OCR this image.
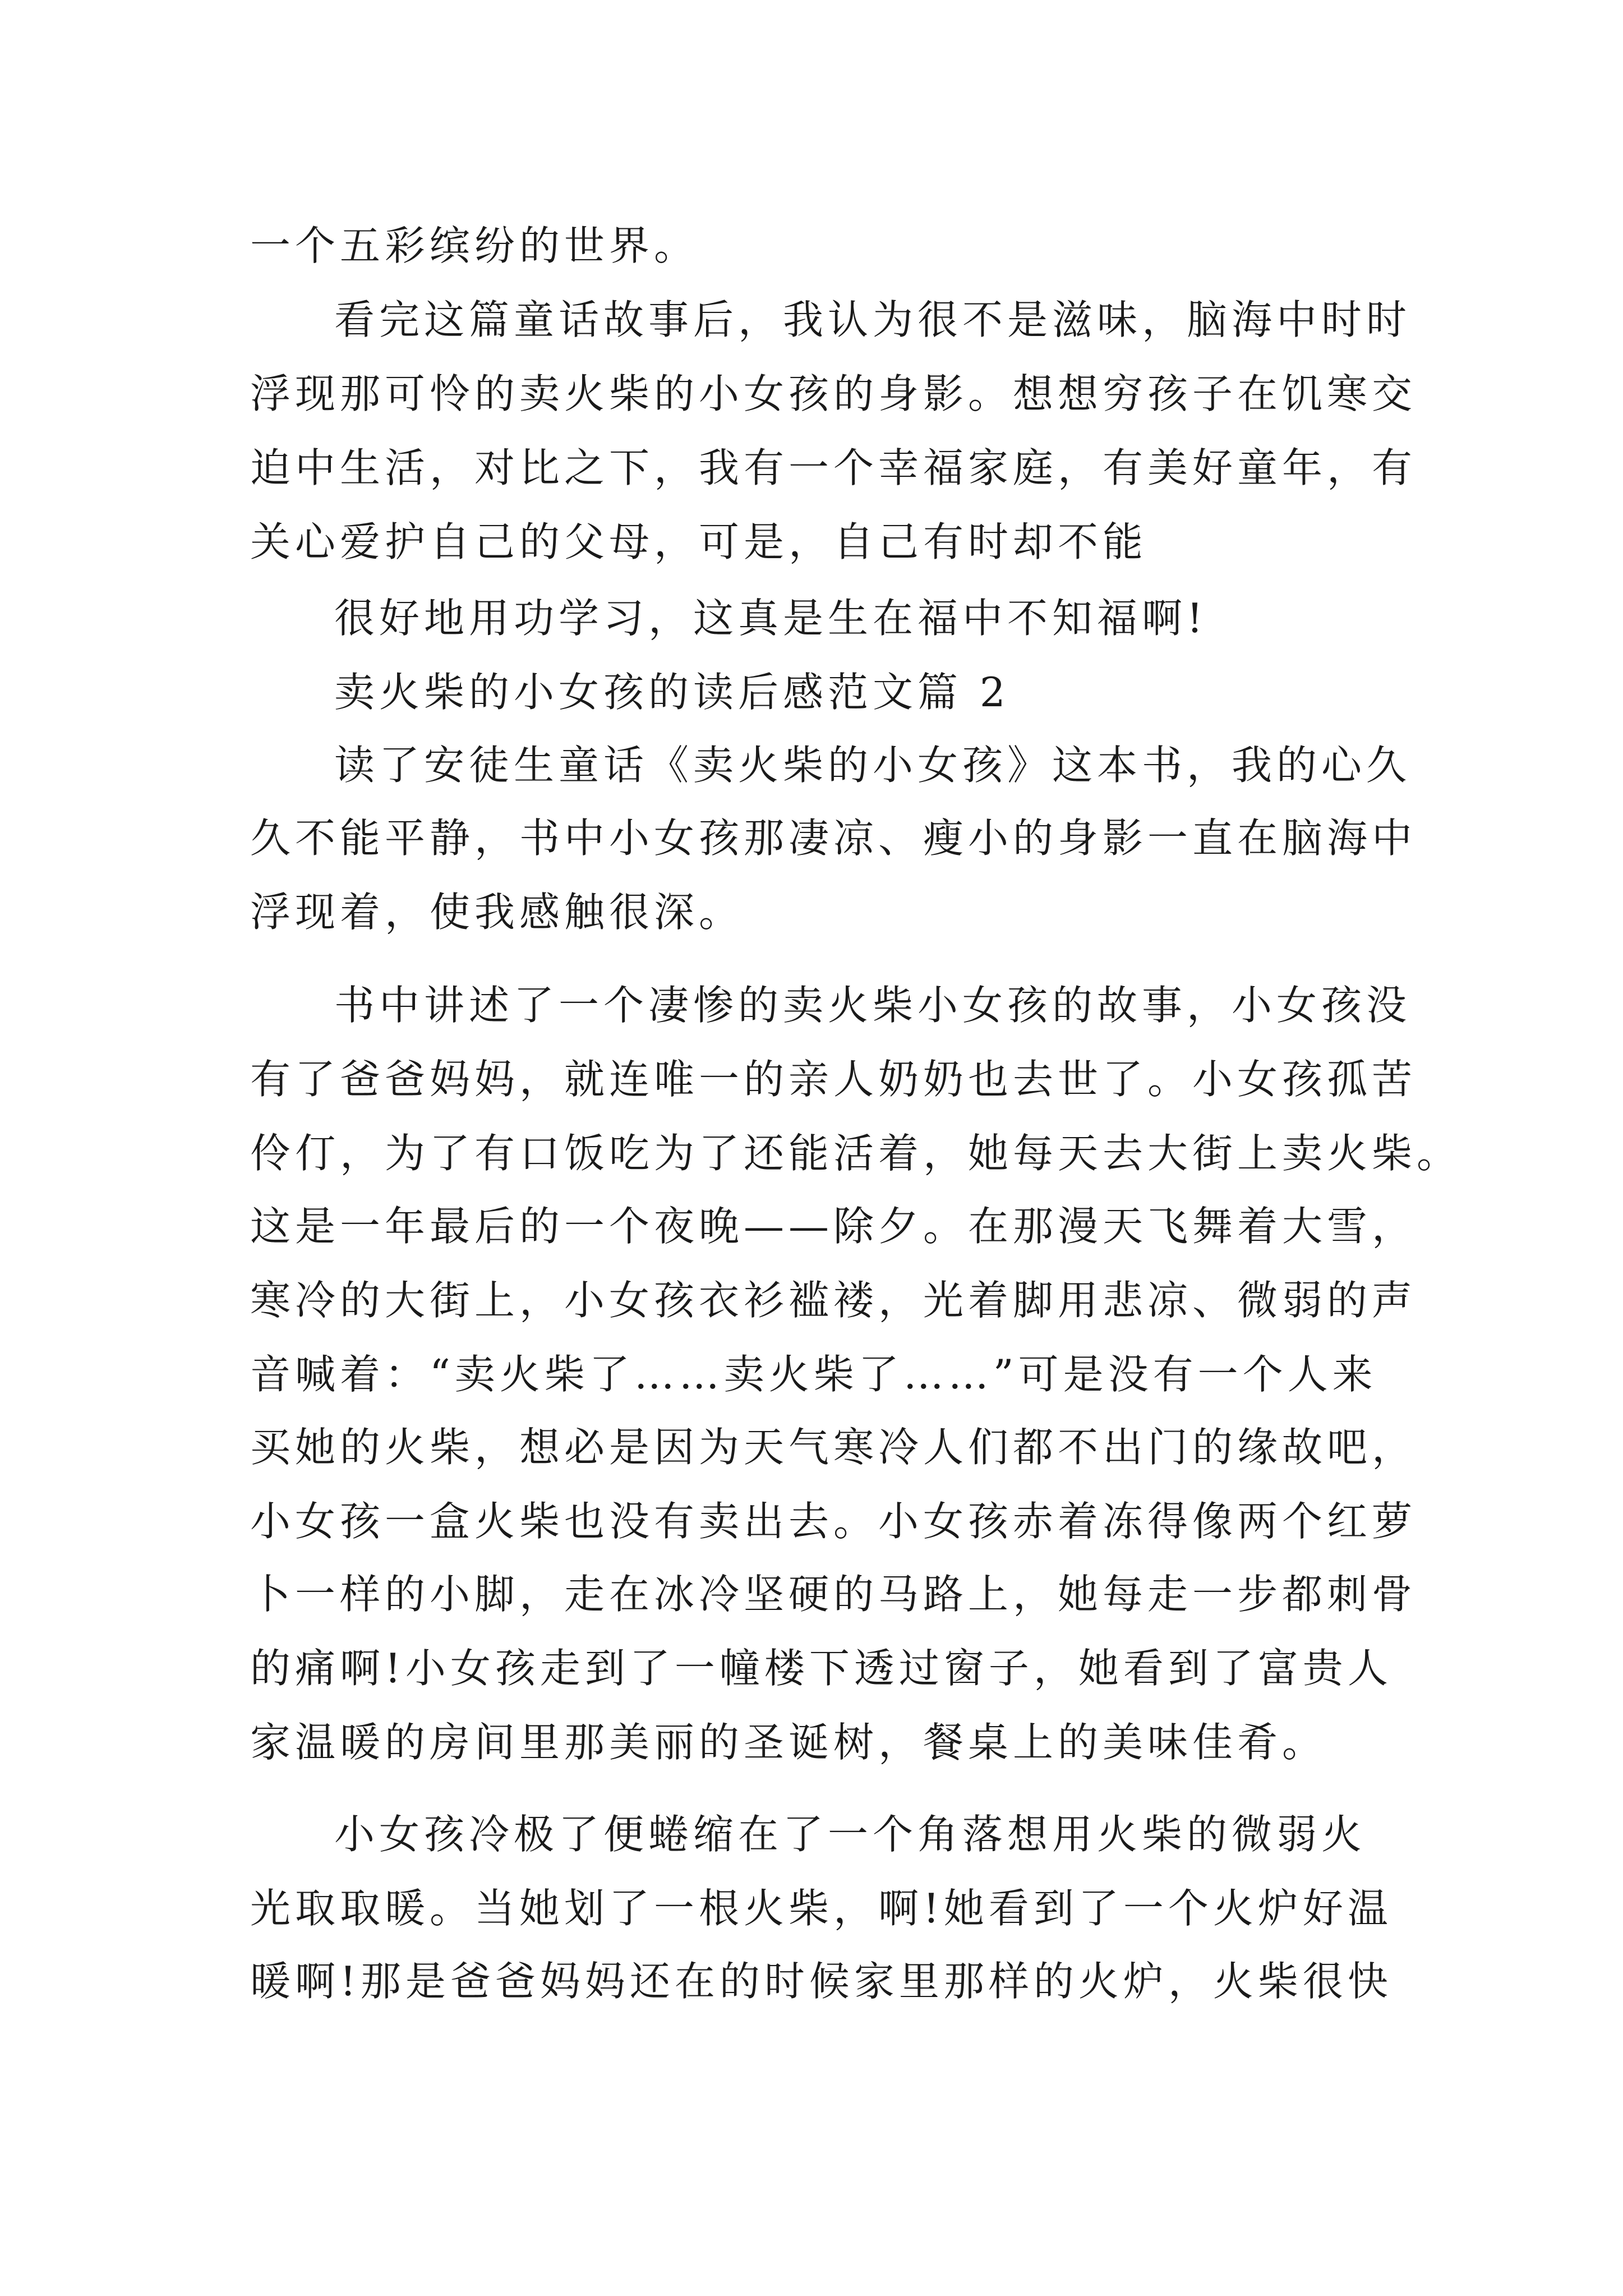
一个五彩缤纷的世界。
看完这篇童话故事后，我认为很不是滋味，脑海中时时
浮现那可怜的卖火柴的小女孩的身影。想想穷孩子在饥寒交
迫中生活，对比之下，我有一个幸福家庭，有美好童年，有
关心爱护自己的父母，可是，自己有时却不能
很好地用功学习，这真是生在福中不知福啊!
卖火柴的小女孩的读后感范文篇 2
读了安徒生童话《卖火柴的小女孩》这本书，我的心久
久不能平静，书中小女孩那凄凉、瘦小的身影一直在脑海中
浮现着，使我感触很深。
书中讲述了一个凄惨的卖火柴小女孩的故事，小女孩没
有了爸爸妈妈，就连唯一的亲人奶奶也去世了。小女孩孤苦
伶仃，为了有口饭吃为了还能活着，她每天去大街上卖火柴。
这是一年最后的一个夜晚——除夕。在那漫天飞舞着大雪，
寒冷的大街上，小女孩衣衫褴褛，光着脚用悲凉、微弱的声
音喊着：“卖火柴了……卖火柴了……”可是没有一个人来
买她的火柴，想必是因为天气寒冷人们都不出门的缘故吧，
小女孩一盒火柴也没有卖出去。小女孩赤着冻得像两个红萝
卜一样的小脚，走在冰冷坚硬的马路上，她每走一步都刺骨
的痛啊!小女孩走到了一幢楼下透过窗子，她看到了富贵人
家温暖的房间里那美丽的圣诞树，餐桌上的美味佳肴。
小女孩冷极了便蜷缩在了一个角落想用火柴的微弱火
光取取暖。当她划了一根火柴，啊!她看到了一个火炉好温
暖啊!那是爸爸妈妈还在的时候家里那样的火炉，火柴很快
